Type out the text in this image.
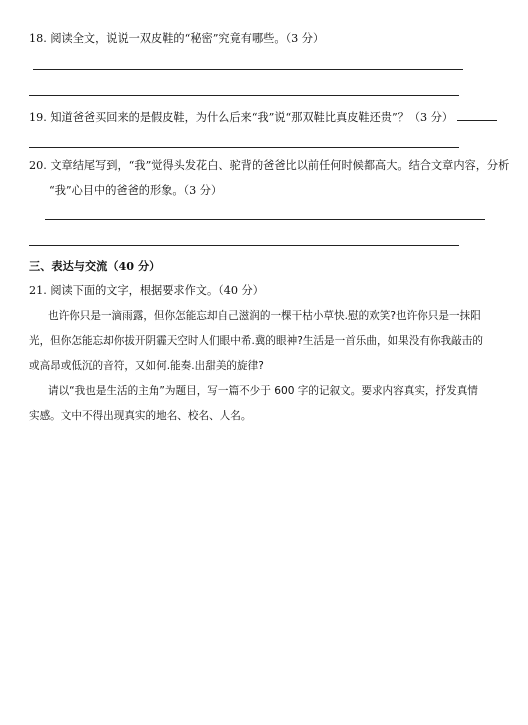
18. 阅读全文，说说一双皮鞋的“秘密”究竟有哪些。（3 分）
19. 知道爸爸买回来的是假皮鞋，为什么后来“我”说“那双鞋比真皮鞋还贵”？（3 分）
20. 文章结尾写到，“我”觉得头发花白、驼背的爸爸比以前任何时候都高大。结合文章内容，分析
“我”心目中的爸爸的形象。（3 分）
三、表达与交流（40 分）
21. 阅读下面的文字，根据要求作文。（40 分）
也许你只是一滴雨露，但你怎能忘却自己滋润的一棵干枯小草快.慰的欢笑?也许你只是一抹阳
光，但你怎能忘却你拔开阴霾天空时人们眼中希.冀的眼神?生活是一首乐曲，如果没有你我敲击的
或高昂或低沉的音符，又如何.能奏.出甜美的旋律?
请以“我也是生活的主角”为题目，写一篇不少于 600 字的记叙文。要求内容真实，抒发真情
实感。文中不得出现真实的地名、校名、人名。
